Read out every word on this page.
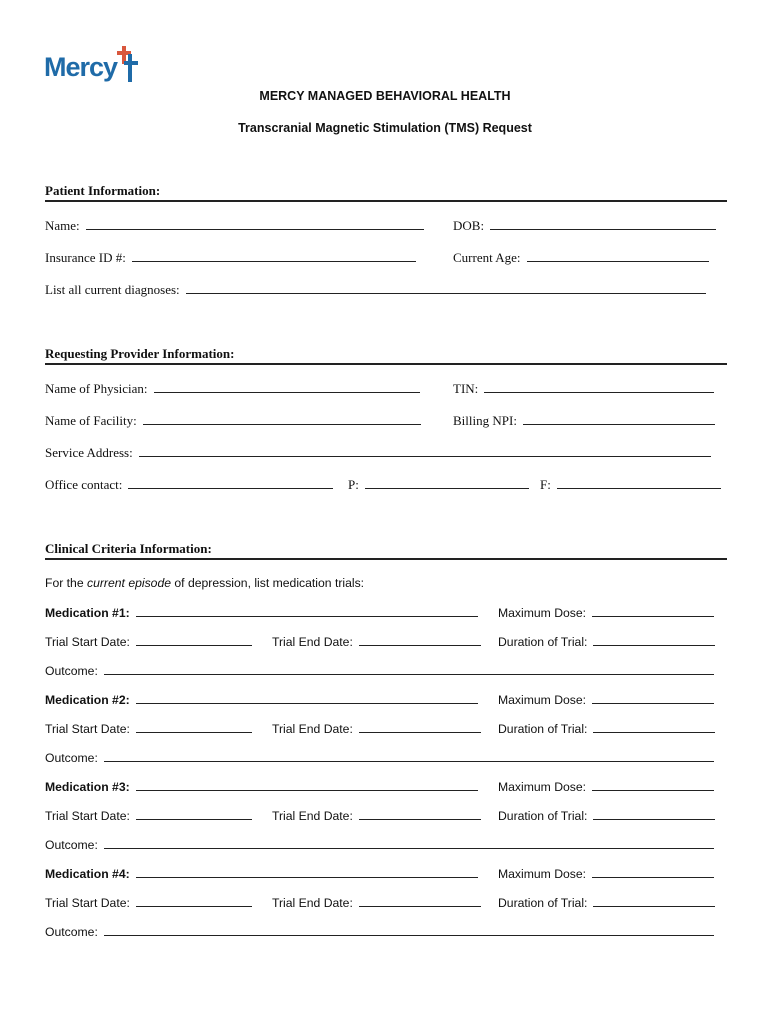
Mercy
MERCY MANAGED BEHAVIORAL HEALTH
Transcranial Magnetic Stimulation (TMS) Request
Patient Information:
Name:	DOB:
Insurance ID #:	Current Age:
List all current diagnoses:
Requesting Provider Information:
Name of Physician:	TIN:
Name of Facility:	Billing NPI:
Service Address:
Office contact:	P:	F:
Clinical Criteria Information:
For the current episode of depression, list medication trials:
Medication #1:	Maximum Dose:
Trial Start Date:	Trial End Date:	Duration of Trial:
Outcome:
Medication #2:	Maximum Dose:
Trial Start Date:	Trial End Date:	Duration of Trial:
Outcome:
Medication #3:	Maximum Dose:
Trial Start Date:	Trial End Date:	Duration of Trial:
Outcome:
Medication #4:	Maximum Dose:
Trial Start Date:	Trial End Date:	Duration of Trial:
Outcome:
